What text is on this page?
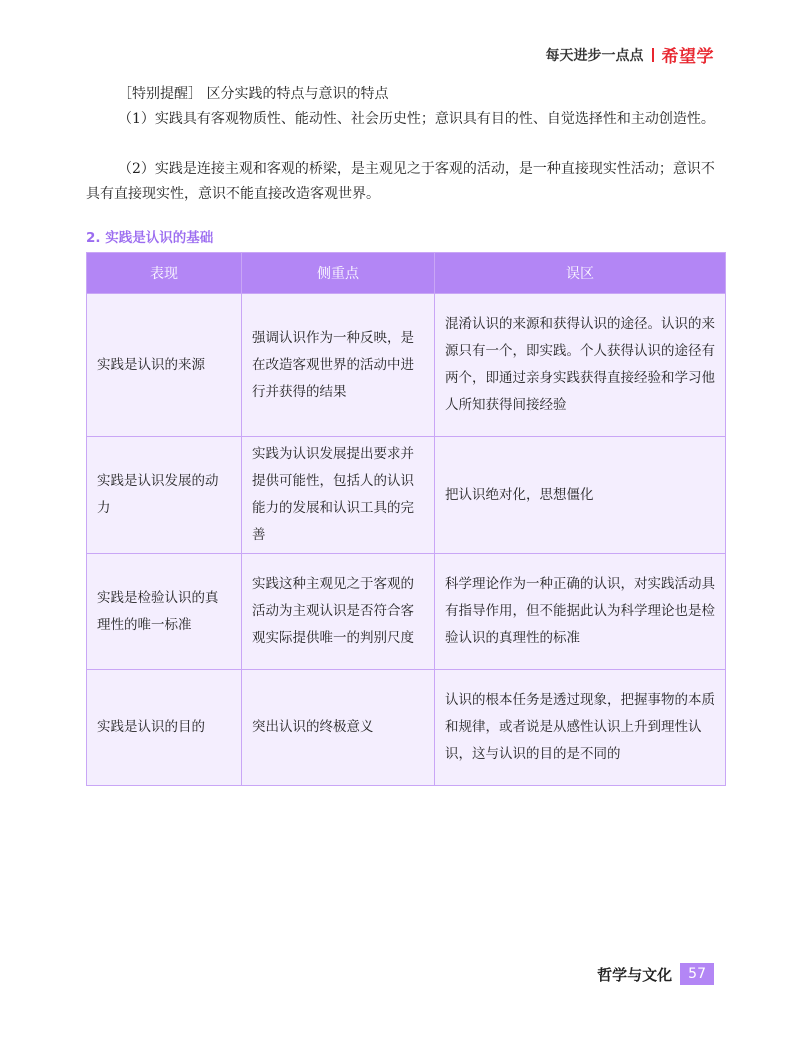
每天进步一点点 希望学
［特别提醒］ 区分实践的特点与意识的特点
（1）实践具有客观物质性、能动性、社会历史性；意识具有目的性、自觉选择性和主动创造性。
（2）实践是连接主观和客观的桥梁，是主观见之于客观的活动，是一种直接现实性活动；意识不具有直接现实性，意识不能直接改造客观世界。
2. 实践是认识的基础
表现	侧重点	误区
实践是认识的来源	强调认识作为一种反映，是在改造客观世界的活动中进行并获得的结果	混淆认识的来源和获得认识的途径。认识的来源只有一个，即实践。个人获得认识的途径有两个，即通过亲身实践获得直接经验和学习他人所知获得间接经验
实践是认识发展的动力	实践为认识发展提出要求并提供可能性，包括人的认识能力的发展和认识工具的完善	把认识绝对化，思想僵化
实践是检验认识的真理性的唯一标准	实践这种主观见之于客观的活动为主观认识是否符合客观实际提供唯一的判别尺度	科学理论作为一种正确的认识，对实践活动具有指导作用，但不能据此认为科学理论也是检验认识的真理性的标准
实践是认识的目的	突出认识的终极意义	认识的根本任务是透过现象，把握事物的本质和规律，或者说是从感性认识上升到理性认识，这与认识的目的是不同的
哲学与文化	57
